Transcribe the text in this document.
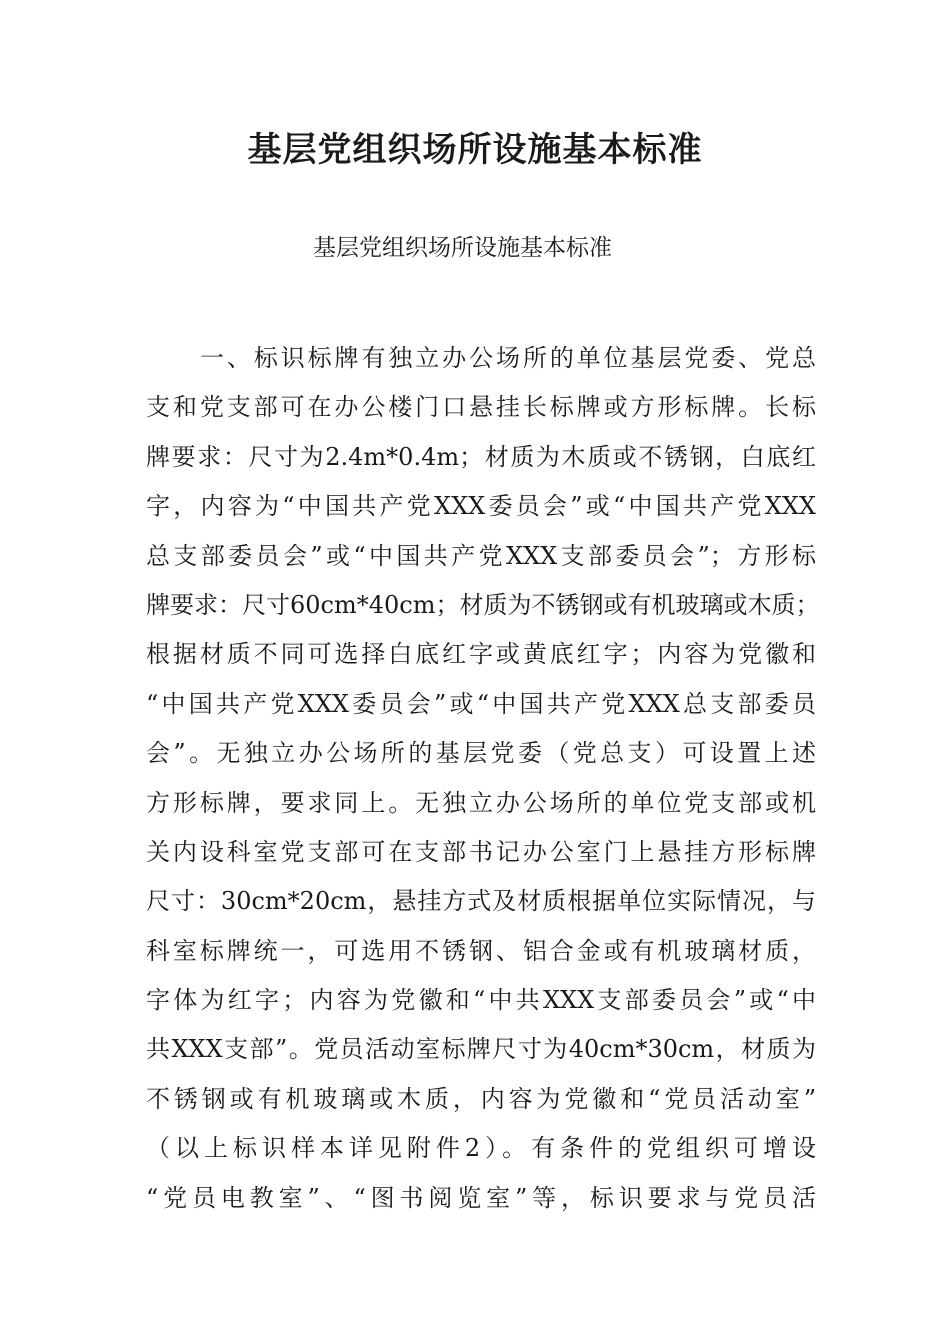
基层党组织场所设施基本标准

基层党组织场所设施基本标准

一、标识标牌有独立办公场所的单位基层党委、党总
支和党支部可在办公楼门口悬挂长标牌或方形标牌。长标
牌要求：尺寸为2.4m*0.4m；材质为木质或不锈钢，白底红
字，内容为“中国共产党XXX委员会”或“中国共产党XXX
总支部委员会”或“中国共产党XXX支部委员会”；方形标
牌要求：尺寸60cm*40cm；材质为不锈钢或有机玻璃或木质；
根据材质不同可选择白底红字或黄底红字；内容为党徽和
“中国共产党XXX委员会”或“中国共产党XXX总支部委员
会”。无独立办公场所的基层党委（党总支）可设置上述
方形标牌，要求同上。无独立办公场所的单位党支部或机
关内设科室党支部可在支部书记办公室门上悬挂方形标牌
尺寸：30cm*20cm，悬挂方式及材质根据单位实际情况，与
科室标牌统一，可选用不锈钢、铝合金或有机玻璃材质，
字体为红字；内容为党徽和“中共XXX支部委员会”或“中
共XXX支部”。党员活动室标牌尺寸为40cm*30cm，材质为
不锈钢或有机玻璃或木质，内容为党徽和“党员活动室”
（以上标识样本详见附件2）。有条件的党组织可增设
“党员电教室”、“图书阅览室”等，标识要求与党员活
